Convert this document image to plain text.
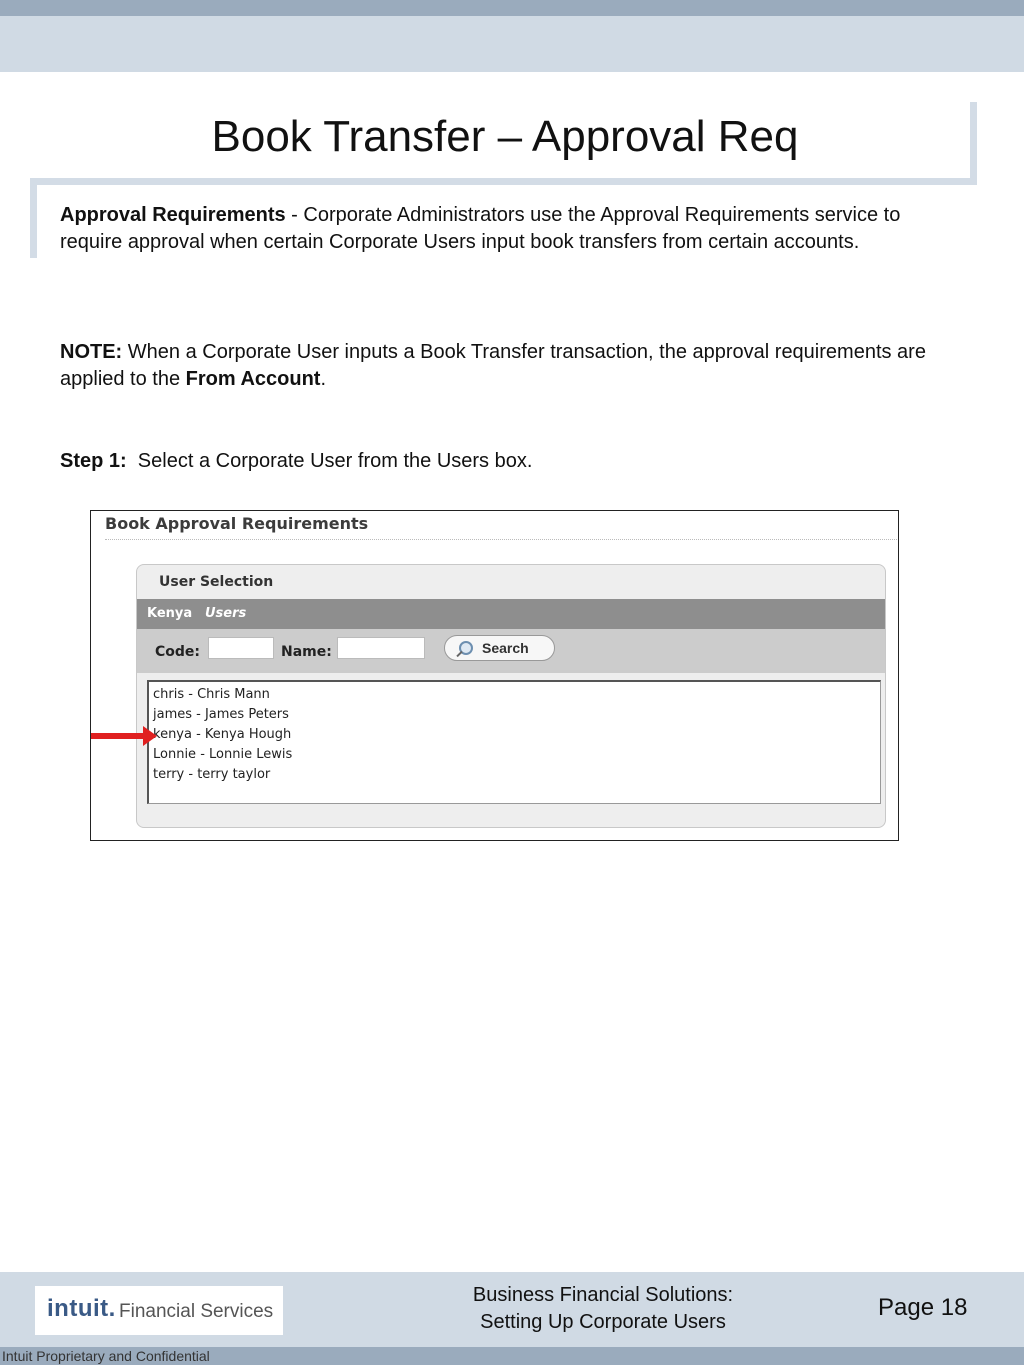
Book Transfer – Approval Req

Approval Requirements - Corporate Administrators use the Approval Requirements service to require approval when certain Corporate Users input book transfers from certain accounts.

NOTE: When a Corporate User inputs a Book Transfer transaction, the approval requirements are applied to the From Account.

Step 1:  Select a Corporate User from the Users box.

Book Approval Requirements
User Selection
Kenya Users
Code:	Name:	Search
chris - Chris Mann
james - James Peters
kenya - Kenya Hough
Lonnie - Lonnie Lewis
terry - terry taylor
intuit. Financial Services
Business Financial Solutions:
Setting Up Corporate Users
Page 18
Intuit Proprietary and Confidential
